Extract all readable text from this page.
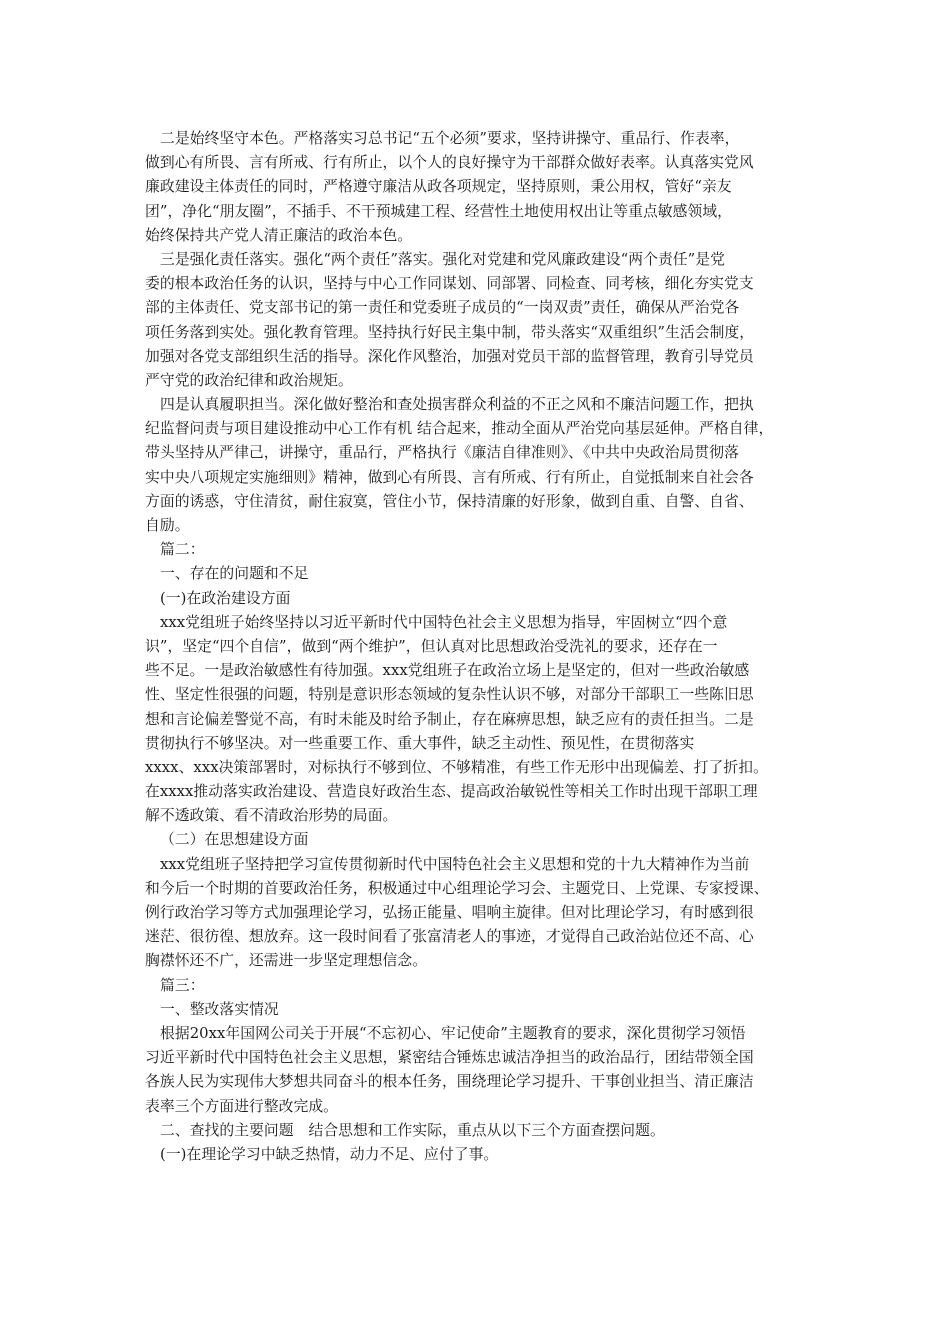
二是始终坚守本色。严格落实习总书记“五个必须”要求，坚持讲操守、重品行、作表率，
做到心有所畏、言有所戒、行有所止，以个人的良好操守为干部群众做好表率。认真落实党风
廉政建设主体责任的同时，严格遵守廉洁从政各项规定，坚持原则，秉公用权，管好“亲友
团”，净化“朋友圈”，不插手、不干预城建工程、经营性土地使用权出让等重点敏感领域，
始终保持共产党人清正廉洁的政治本色。
三是强化责任落实。强化“两个责任”落实。强化对党建和党风廉政建设“两个责任”是党
委的根本政治任务的认识，坚持与中心工作同谋划、同部署、同检查、同考核，细化夯实党支
部的主体责任、党支部书记的第一责任和党委班子成员的“一岗双责”责任，确保从严治党各
项任务落到实处。强化教育管理。坚持执行好民主集中制，带头落实“双重组织”生活会制度，
加强对各党支部组织生活的指导。深化作风整治，加强对党员干部的监督管理，教育引导党员
严守党的政治纪律和政治规矩。
四是认真履职担当。深化做好整治和查处损害群众利益的不正之风和不廉洁问题工作，把执
纪监督问责与项目建设推动中心工作有机 结合起来，推动全面从严治党向基层延伸。严格自律，
带头坚持从严律己，讲操守，重品行，严格执行《廉洁自律准则》、《中共中央政治局贯彻落
实中央八项规定实施细则》精神，做到心有所畏、言有所戒、行有所止，自觉抵制来自社会各
方面的诱惑，守住清贫，耐住寂寞，管住小节，保持清廉的好形象，做到自重、自警、自省、
自励。
篇二：
一、存在的问题和不足
(一)在政治建设方面
xxx党组班子始终坚持以习近平新时代中国特色社会主义思想为指导，牢固树立“四个意
识”，坚定“四个自信”，做到“两个维护”，但认真对比思想政治受洗礼的要求，还存在一
些不足。一是政治敏感性有待加强。xxx党组班子在政治立场上是坚定的，但对一些政治敏感
性、坚定性很强的问题，特别是意识形态领域的复杂性认识不够，对部分干部职工一些陈旧思
想和言论偏差警觉不高，有时未能及时给予制止，存在麻痹思想，缺乏应有的责任担当。二是
贯彻执行不够坚决。对一些重要工作、重大事件，缺乏主动性、预见性，在贯彻落实
xxxx、xxx决策部署时，对标执行不够到位、不够精准，有些工作无形中出现偏差、打了折扣。
在xxxx推动落实政治建设、营造良好政治生态、提高政治敏锐性等相关工作时出现干部职工理
解不透政策、看不清政治形势的局面。
（二）在思想建设方面
xxx党组班子坚持把学习宣传贯彻新时代中国特色社会主义思想和党的十九大精神作为当前
和今后一个时期的首要政治任务，积极通过中心组理论学习会、主题党日、上党课、专家授课、
例行政治学习等方式加强理论学习，弘扬正能量、唱响主旋律。但对比理论学习，有时感到很
迷茫、很彷徨、想放弃。这一段时间看了张富清老人的事迹，才觉得自己政治站位还不高、心
胸襟怀还不广，还需进一步坚定理想信念。
篇三：
一、整改落实情况
根据20xx年国网公司关于开展“不忘初心、牢记使命”主题教育的要求，深化贯彻学习领悟
习近平新时代中国特色社会主义思想，紧密结合锤炼忠诚洁净担当的政治品行，团结带领全国
各族人民为实现伟大梦想共同奋斗的根本任务，围绕理论学习提升、干事创业担当、清正廉洁
表率三个方面进行整改完成。
二、查找的主要问题　结合思想和工作实际，重点从以下三个方面查摆问题。
(一)在理论学习中缺乏热情，动力不足、应付了事。
